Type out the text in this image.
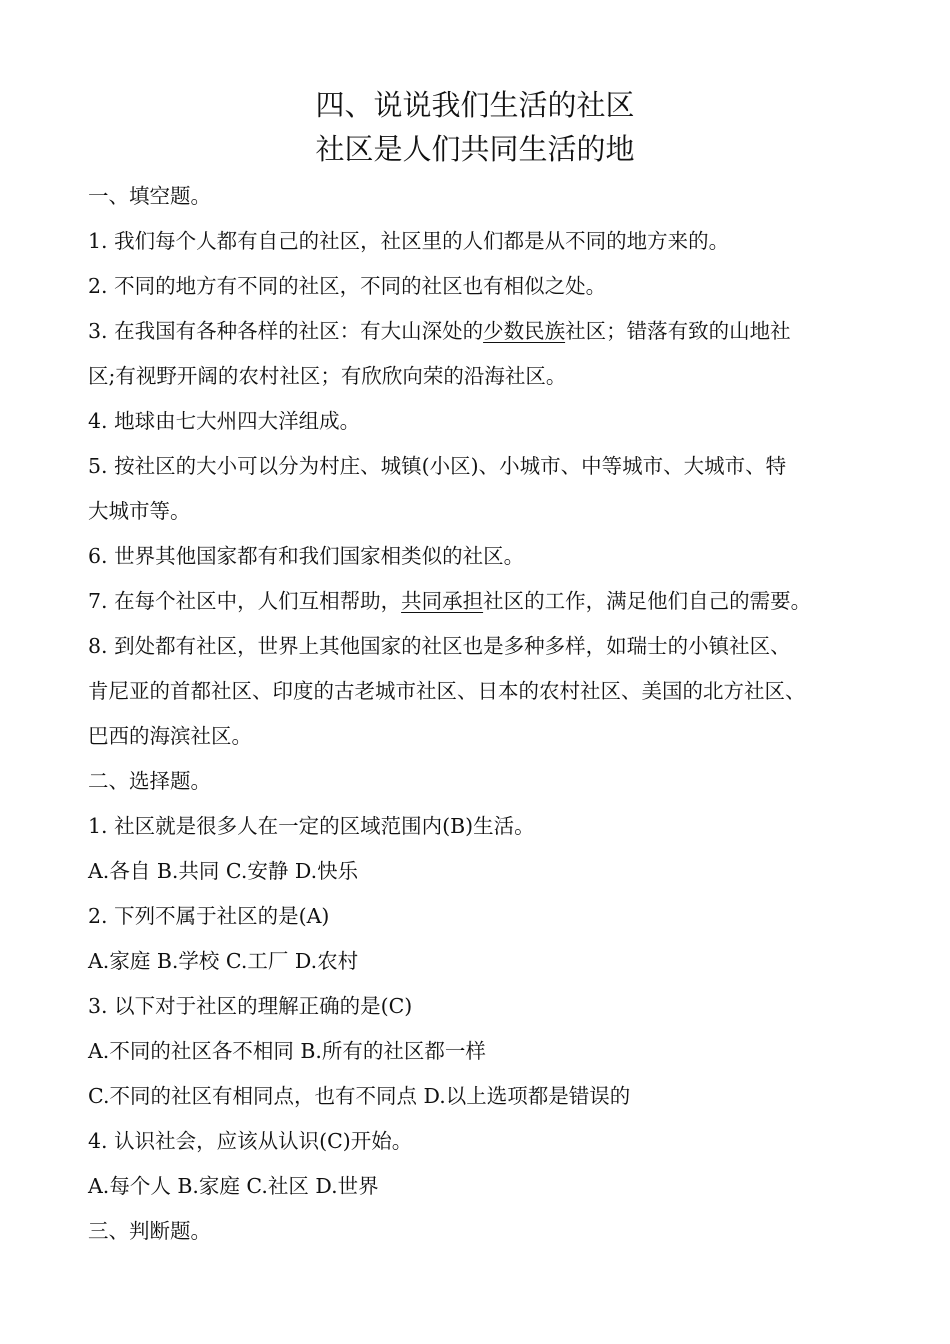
四、说说我们生活的社区
社区是人们共同生活的地
一、填空题。
1. 我们每个人都有自己的社区，社区里的人们都是从不同的地方来的。
2. 不同的地方有不同的社区，不同的社区也有相似之处。
3. 在我国有各种各样的社区：有大山深处的少数民族社区；错落有致的山地社
区;有视野开阔的农村社区；有欣欣向荣的沿海社区。
4. 地球由七大州四大洋组成。
5. 按社区的大小可以分为村庄、城镇(小区)、小城市、中等城市、大城市、特
大城市等。
6. 世界其他国家都有和我们国家相类似的社区。
7. 在每个社区中，人们互相帮助，共同承担社区的工作，满足他们自己的需要。
8. 到处都有社区，世界上其他国家的社区也是多种多样，如瑞士的小镇社区、
肯尼亚的首都社区、印度的古老城市社区、日本的农村社区、美国的北方社区、
巴西的海滨社区。
二、选择题。
1. 社区就是很多人在一定的区域范围内(B)生活。
A.各自 B.共同 C.安静 D.快乐
2. 下列不属于社区的是(A)
A.家庭 B.学校 C.工厂 D.农村
3. 以下对于社区的理解正确的是(C)
A.不同的社区各不相同 B.所有的社区都一样
C.不同的社区有相同点，也有不同点 D.以上选项都是错误的
4. 认识社会，应该从认识(C)开始。
A.每个人 B.家庭 C.社区 D.世界
三、判断题。
